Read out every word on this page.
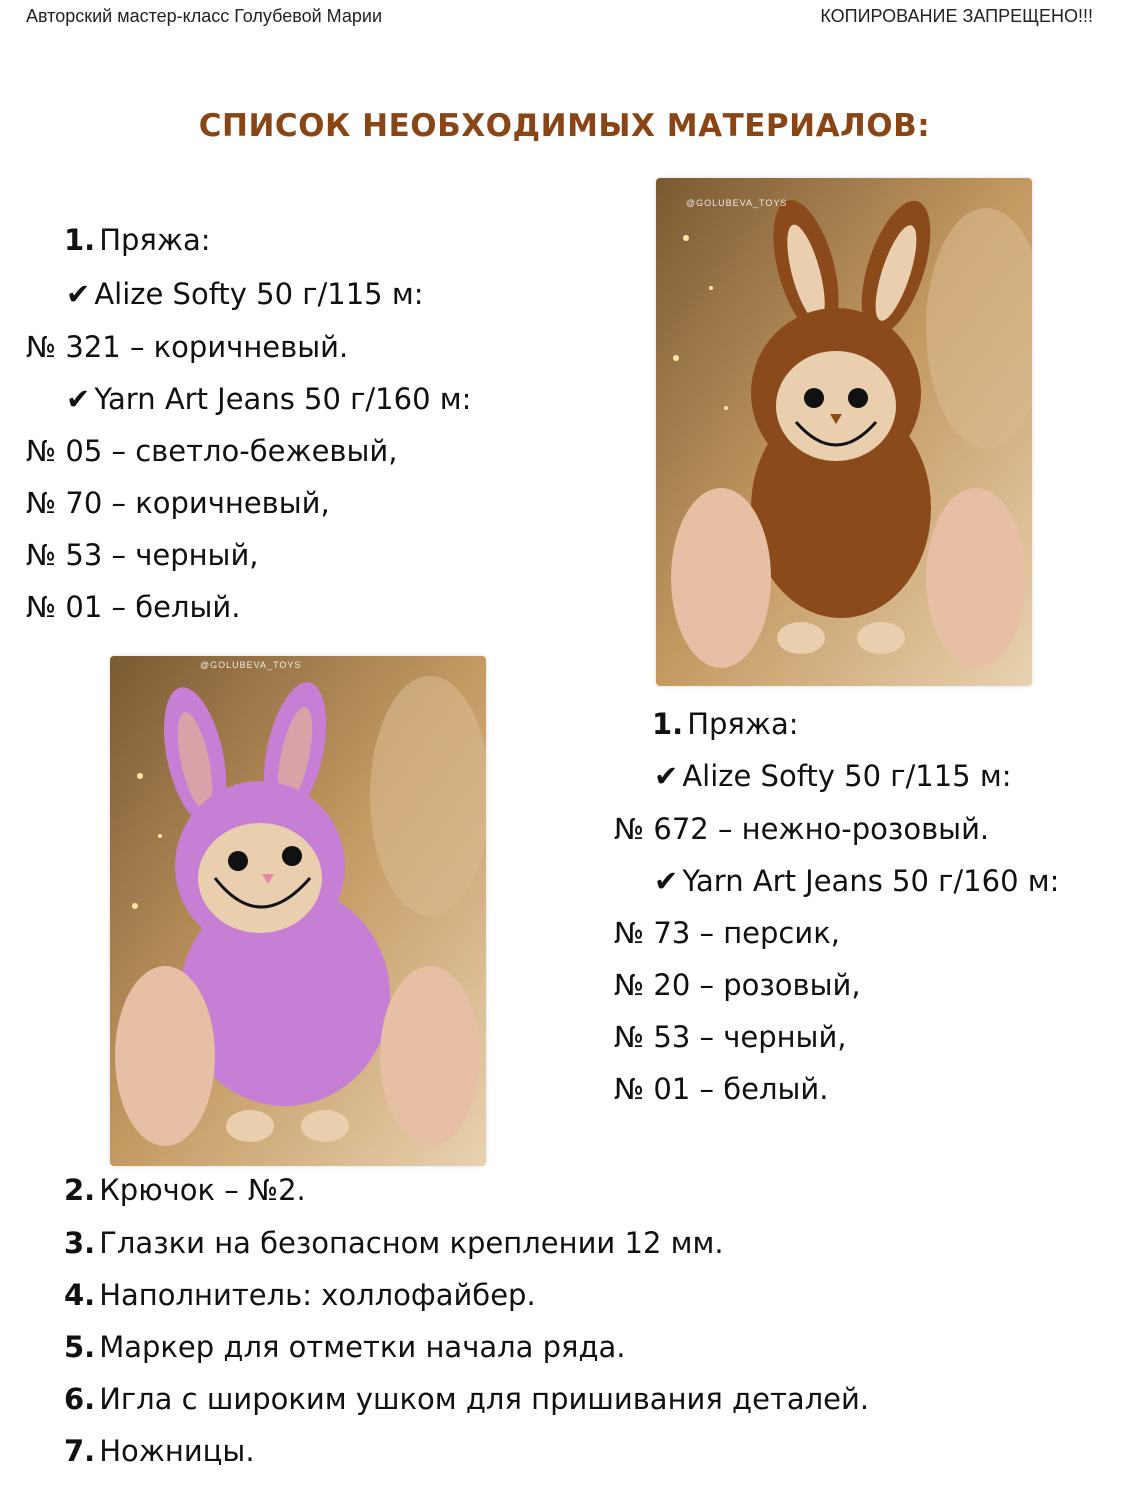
Авторский мастер-класс Голубевой Марии	КОПИРОВАНИЕ ЗАПРЕЩЕНО!!!
СПИСОК НЕОБХОДИМЫХ МАТЕРИАЛОВ:
1. Пряжа:
✔ Alize Softy 50 г/115 м:
№ 321 – коричневый.
✔ Yarn Art Jeans 50 г/160 м:
№ 05 – светло-бежевый,
№ 70 – коричневый,
№ 53 – черный,
№ 01 – белый.
@GOLUBEVA_TOYS
@GOLUBEVA_TOYS
1. Пряжа:
✔ Alize Softy 50 г/115 м:
№ 672 – нежно-розовый.
✔ Yarn Art Jeans 50 г/160 м:
№ 73 – персик,
№ 20 – розовый,
№ 53 – черный,
№ 01 – белый.
2. Крючок – №2.
3. Глазки на безопасном креплении 12 мм.
4. Наполнитель: холлофайбер.
5. Маркер для отметки начала ряда.
6. Игла с широким ушком для пришивания деталей.
7. Ножницы.
